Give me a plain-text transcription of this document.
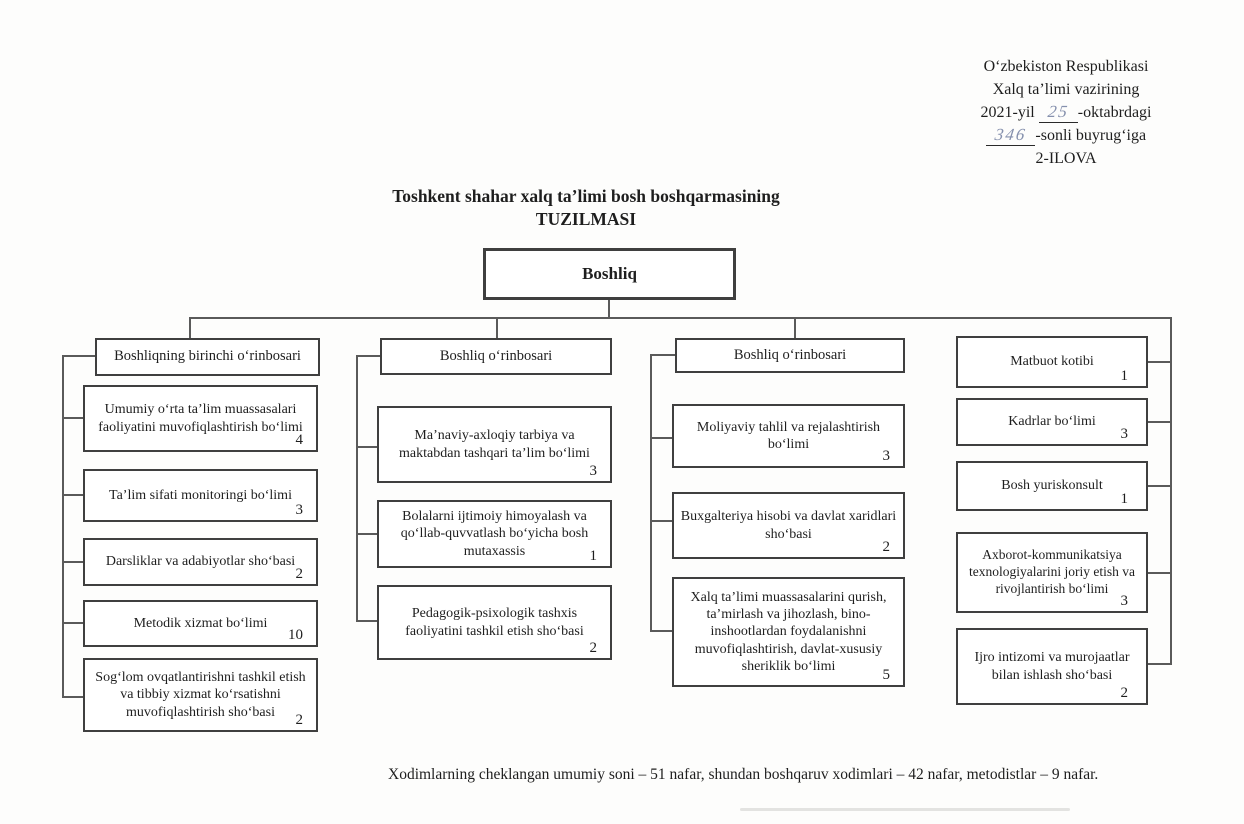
O‘zbekiston Respublikasi
Xalq ta’limi vazirining
2021-yil 25 -oktabrdagi
346 -sonli buyrug‘iga
2-ILOVA
Toshkent shahar xalq ta’limi bosh boshqarmasining
TUZILMASI
Boshliq
Boshliqning birinchi o‘rinbosari
Umumiy o‘rta ta’lim muassasalari faoliyatini muvofiqlashtirish bo‘limi
4
Ta’lim sifati monitoringi bo‘limi
3
Darsliklar va adabiyotlar sho‘basi
2
Metodik xizmat bo‘limi
10
Sog‘lom ovqatlantirishni tashkil etish va tibbiy xizmat ko‘rsatishni muvofiqlashtirish sho‘basi	2
Boshliq o‘rinbosari
Ma’naviy-axloqiy tarbiya va maktabdan tashqari ta’lim bo‘limi
3
Bolalarni ijtimoiy himoyalash va qo‘llab-quvvatlash bo‘yicha bosh mutaxassis	1
Pedagogik-psixologik tashxis faoliyatini tashkil etish sho‘basi
2
Boshliq o‘rinbosari
Moliyaviy tahlil va rejalashtirish bo‘limi
3
Buxgalteriya hisobi va davlat xaridlari sho‘basi
2
Xalq ta’limi muassasalarini qurish, ta’mirlash va jihozlash, bino-inshootlardan foydalanishni muvofiqlashtirish, davlat-xususiy sheriklik bo‘limi
5
Matbuot kotibi
1
Kadrlar bo‘limi
3
Bosh yuriskonsult
1
Axborot-kommunikatsiya texnologiyalarini joriy etish va rivojlantirish bo‘limi
3
Ijro intizomi va murojaatlar bilan ishlash sho‘basi
2
Xodimlarning cheklangan umumiy soni – 51 nafar, shundan boshqaruv xodimlari – 42 nafar, metodistlar – 9 nafar.
